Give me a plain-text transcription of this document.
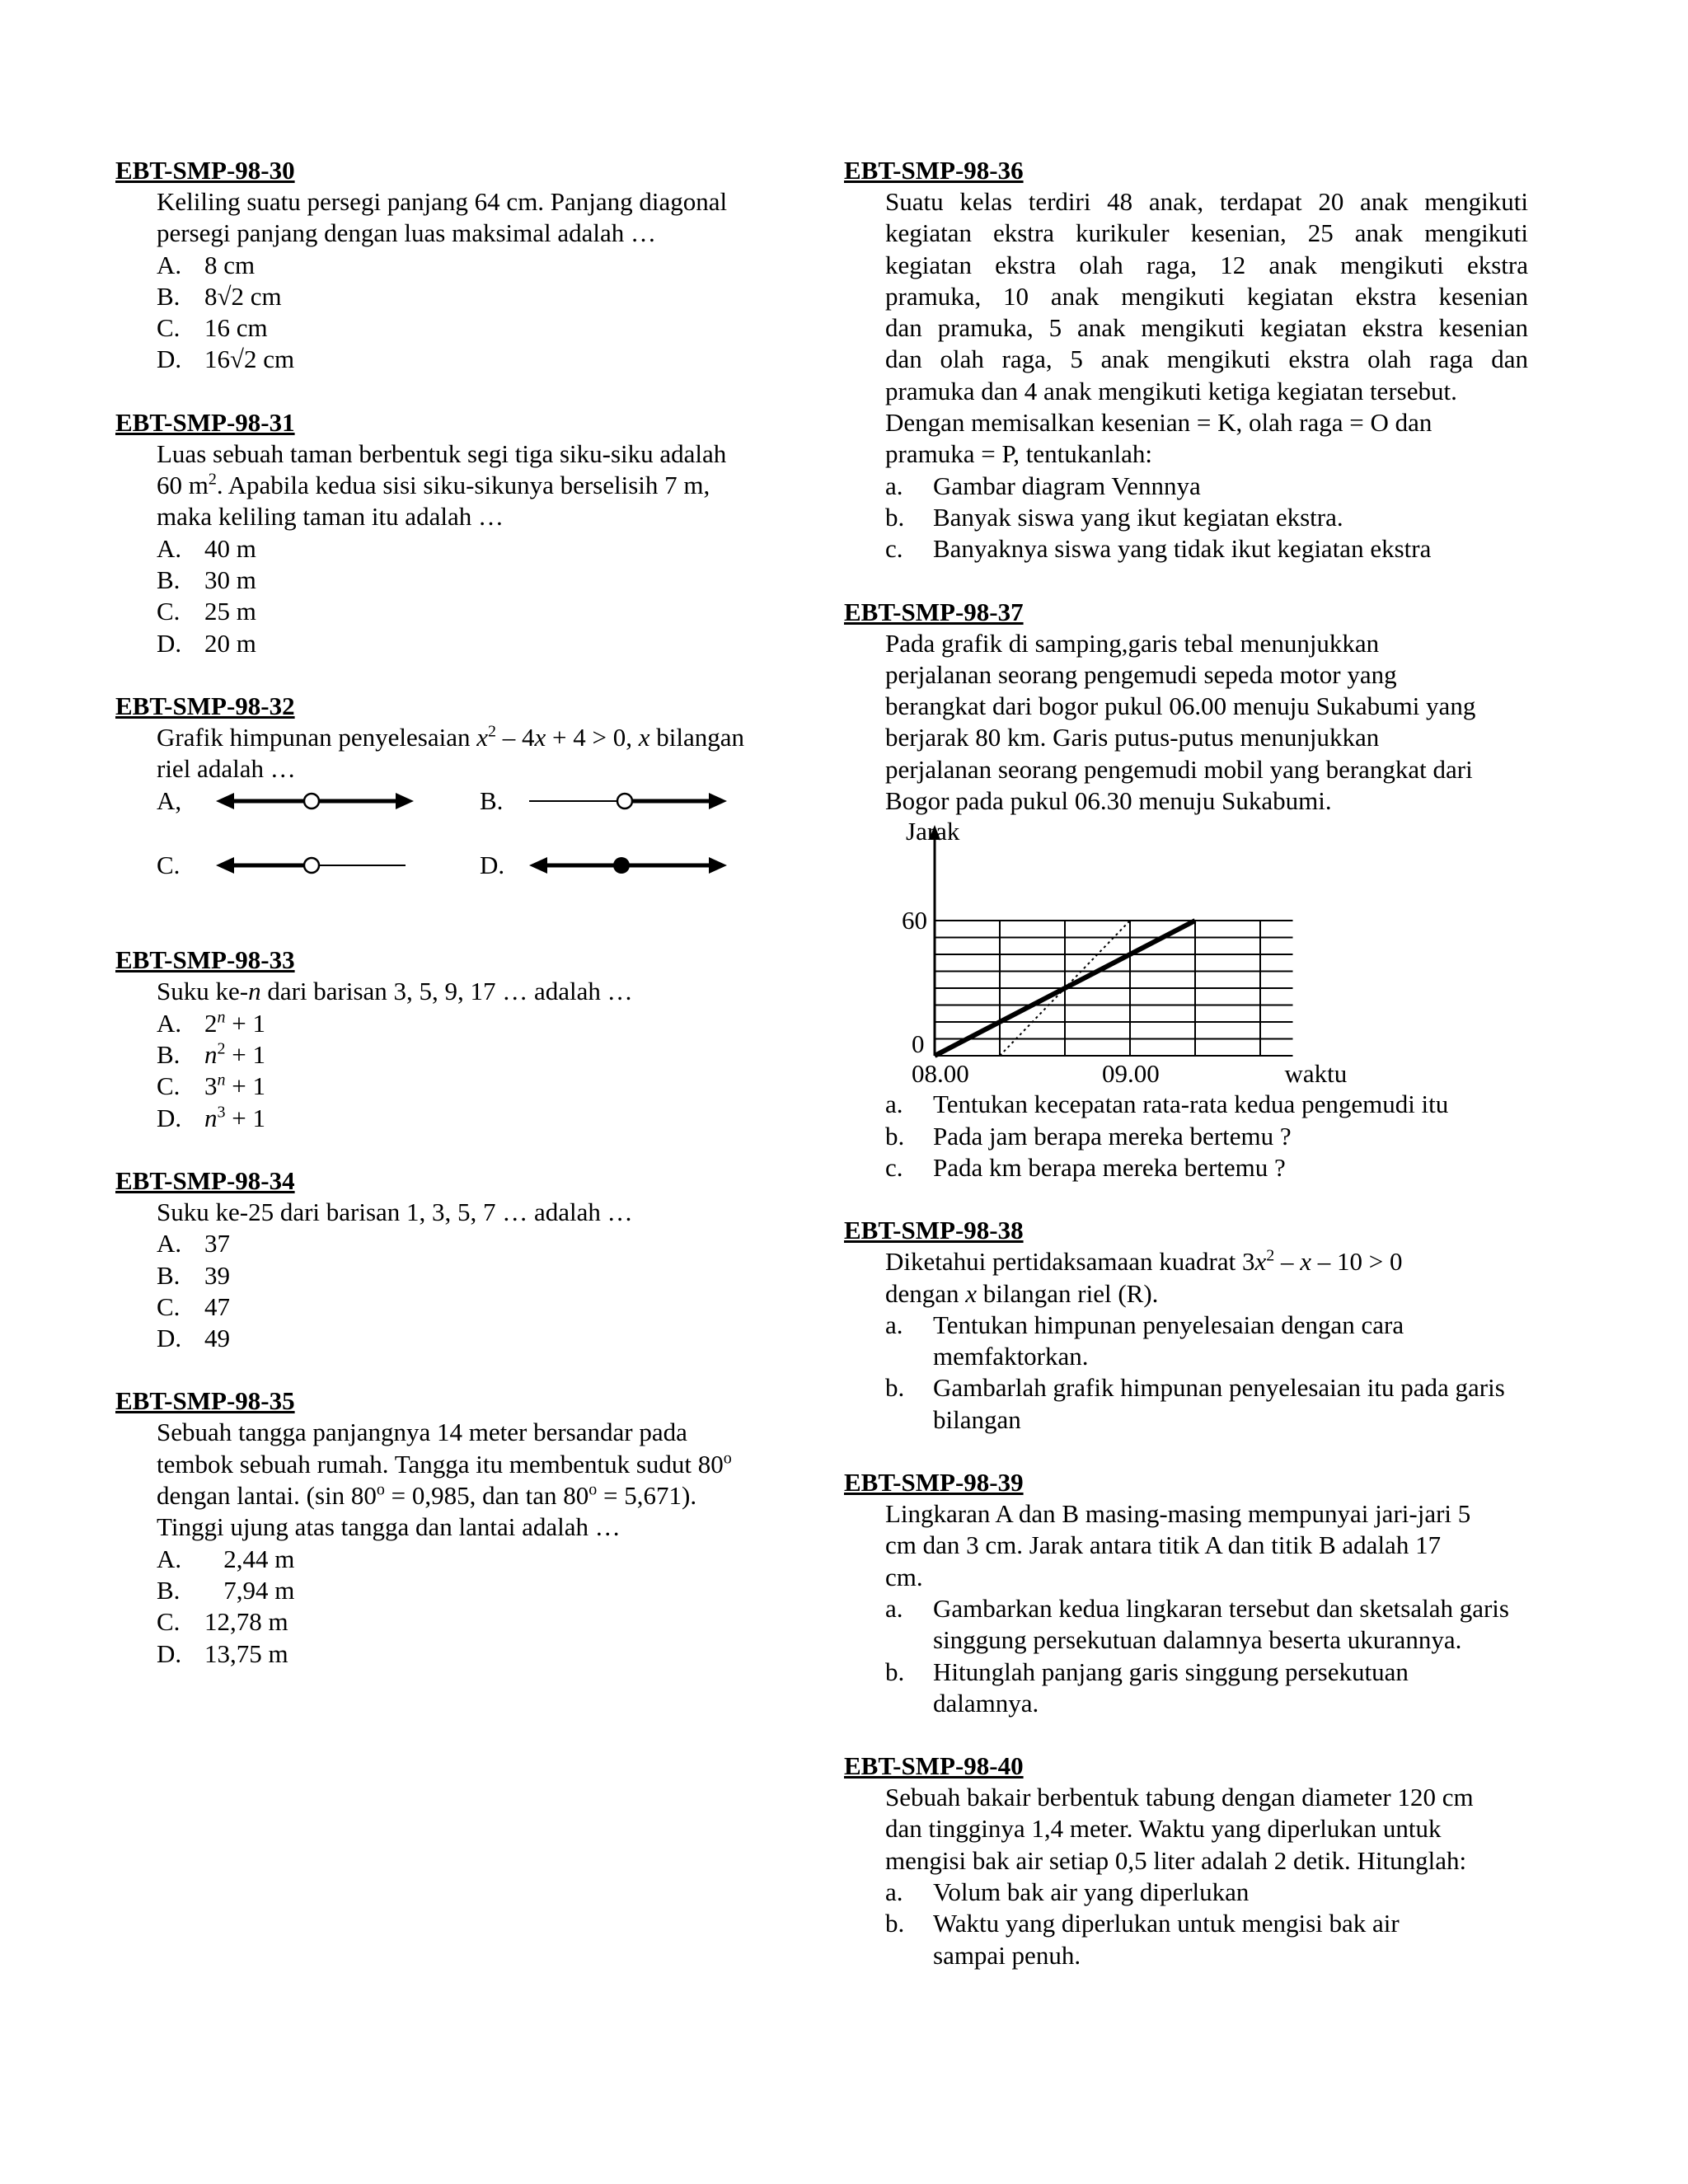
EBT-SMP-98-30
Keliling suatu persegi panjang 64 cm. Panjang diagonal
persegi panjang dengan luas maksimal adalah …
A. 8 cm
B. 8√2 cm
C. 16 cm
D. 16√2 cm
EBT-SMP-98-31
Luas sebuah taman berbentuk segi tiga siku-siku adalah
60 $m^2$. Apabila kedua sisi siku-sikunya berselisih 7 m,
maka keliling taman itu adalah …
A. 40 m
B. 30 m
C. 25 m
D. 20 m
EBT-SMP-98-32
Grafik himpunan penyelesaian $x^2 - 4x + 4 > 0$, x bilangan
riel adalah …
A,	B.
C.	D.
EBT-SMP-98-33
Suku ke-n dari barisan 3, 5, 9, 17 … adalah …
A. $2^n + 1$
B. $n^2 + 1$
C. $3^n + 1$
D. $n^3 + 1$
EBT-SMP-98-34
Suku ke-25 dari barisan 1, 3, 5, 7 … adalah …
A. 37
B. 39
C. 47
D. 49
EBT-SMP-98-35
Sebuah tangga panjangnya 14 meter bersandar pada
tembok sebuah rumah. Tangga itu membentuk sudut 80$^o$
dengan lantai. (sin $80^o = 0,985$, dan $\tan 80^o = 5,671$).
Tinggi ujung atas tangga dan lantai adalah …
A.   2,44 m
B.   7,94 m
C. 12,78 m
D. 13,75 m
EBT-SMP-98-36
Suatu kelas terdiri 48 anak, terdapat 20 anak mengikuti
kegiatan ekstra kurikuler kesenian, 25 anak mengikuti
kegiatan ekstra olah raga, 12 anak mengikuti ekstra
pramuka, 10 anak mengikuti kegiatan ekstra kesenian
dan pramuka, 5 anak mengikuti kegiatan ekstra kesenian
dan olah raga, 5 anak mengikuti ekstra olah raga dan
pramuka dan 4 anak mengikuti ketiga kegiatan tersebut.
Dengan memisalkan kesenian = K, olah raga = O dan
pramuka = P, tentukanlah:
a.	Gambar diagram Vennnya
b.	Banyak siswa yang ikut kegiatan ekstra.
c.	Banyaknya siswa yang tidak ikut kegiatan ekstra
EBT-SMP-98-37
Pada grafik di samping,garis tebal menunjukkan
perjalanan seorang pengemudi sepeda motor yang
berangkat dari bogor pukul 06.00 menuju Sukabumi yang
berjarak 80 km. Garis putus-putus menunjukkan
perjalanan seorang pengemudi mobil yang berangkat dari
Bogor pada pukul 06.30 menuju Sukabumi.
Jarak
60
0
08.00	09.00	waktu
a.	Tentukan kecepatan rata-rata kedua pengemudi itu
b.	Pada jam berapa mereka bertemu ?
c.	Pada km berapa mereka bertemu ?
EBT-SMP-98-38
Diketahui pertidaksamaan kuadrat $3x^2 - x - 10 > 0$
dengan x bilangan riel (R).
a.	Tentukan himpunan penyelesaian dengan cara memfaktorkan.
b.	Gambarlah grafik himpunan penyelesaian itu pada garis bilangan
EBT-SMP-98-39
Lingkaran A dan B masing-masing mempunyai jari-jari 5
cm dan 3 cm. Jarak antara titik A dan titik B adalah 17
cm.
a.	Gambarkan kedua lingkaran tersebut dan sketsalah garis singgung persekutuan dalamnya beserta ukurannya.
b.	Hitunglah panjang garis singgung persekutuan dalamnya.
EBT-SMP-98-40
Sebuah bakair berbentuk tabung dengan diameter 120 cm
dan tingginya 1,4 meter. Waktu yang diperlukan untuk
mengisi bak air setiap 0,5 liter adalah 2 detik. Hitunglah:
a.	Volum bak air yang diperlukan
b.	Waktu yang diperlukan untuk mengisi bak air sampai penuh.
